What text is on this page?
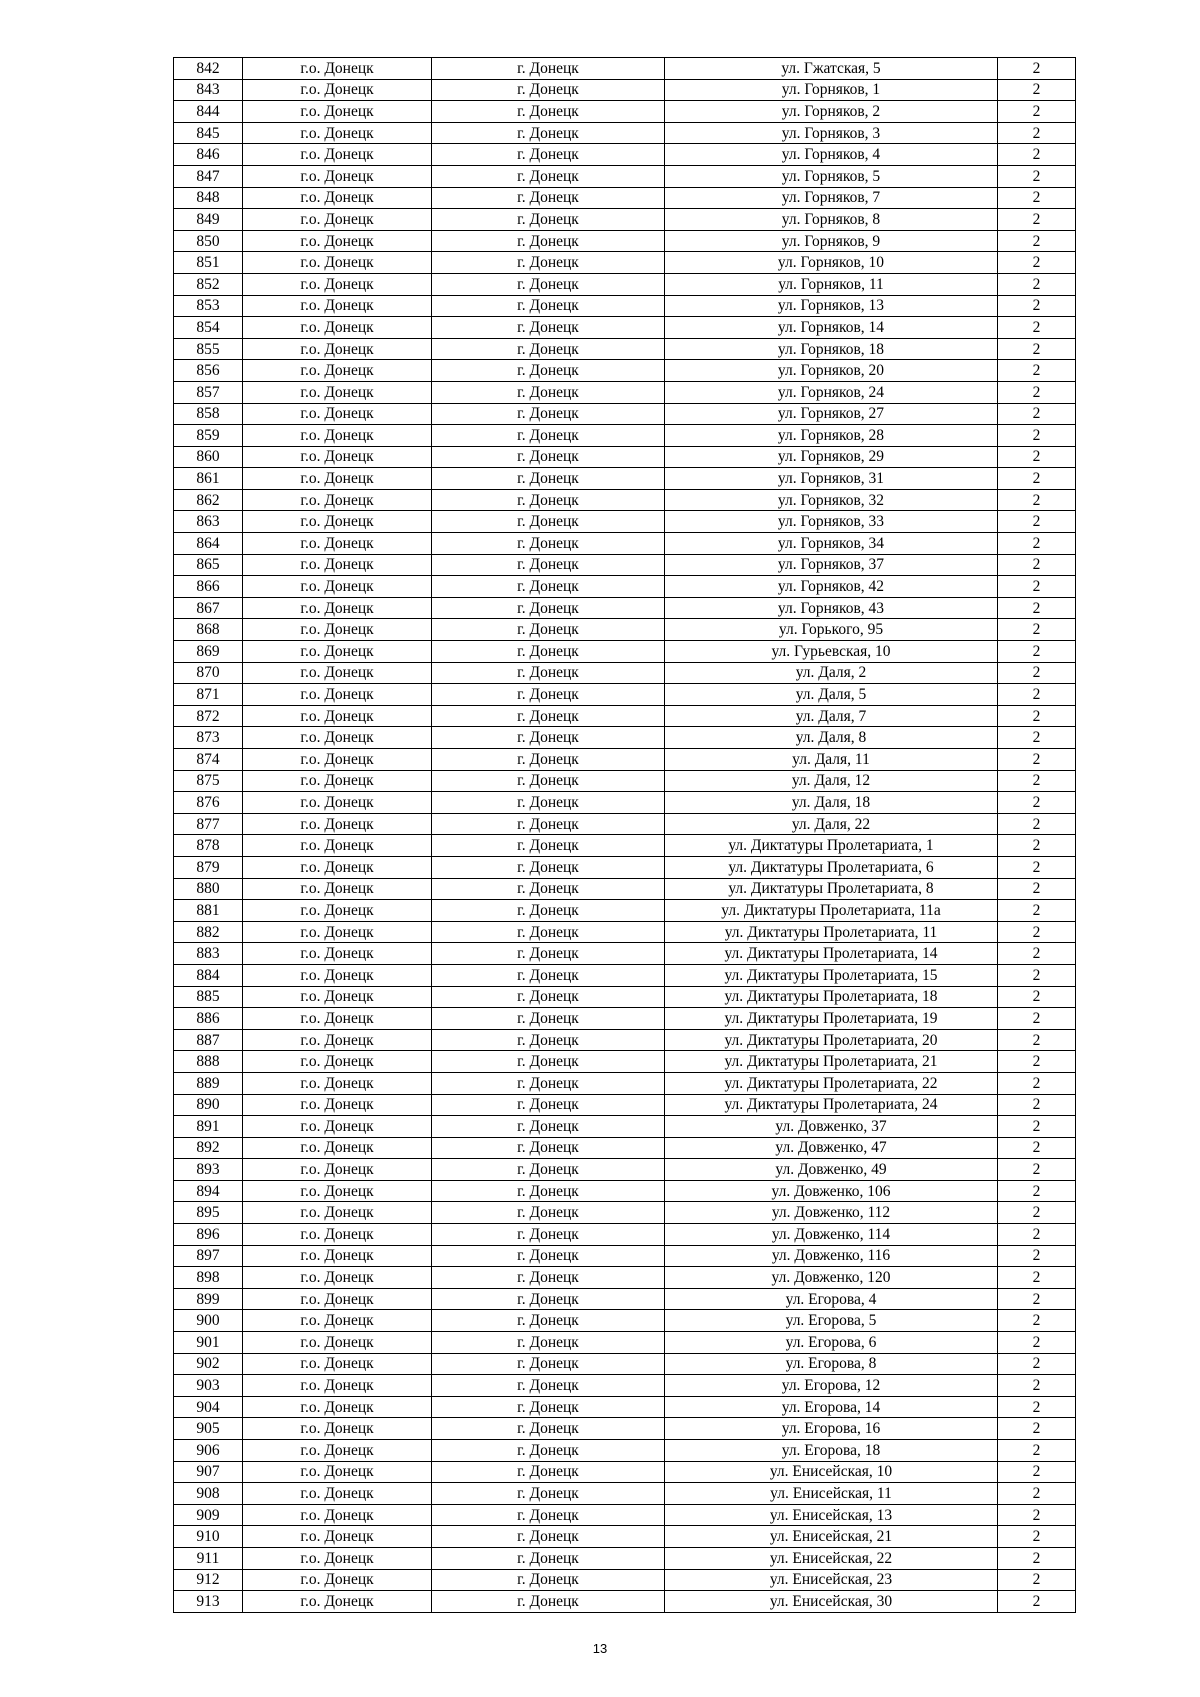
842	г.о. Донецк	г. Донецк	ул. Гжатская, 5	2
843	г.о. Донецк	г. Донецк	ул. Горняков, 1	2
844	г.о. Донецк	г. Донецк	ул. Горняков, 2	2
845	г.о. Донецк	г. Донецк	ул. Горняков, 3	2
846	г.о. Донецк	г. Донецк	ул. Горняков, 4	2
847	г.о. Донецк	г. Донецк	ул. Горняков, 5	2
848	г.о. Донецк	г. Донецк	ул. Горняков, 7	2
849	г.о. Донецк	г. Донецк	ул. Горняков, 8	2
850	г.о. Донецк	г. Донецк	ул. Горняков, 9	2
851	г.о. Донецк	г. Донецк	ул. Горняков, 10	2
852	г.о. Донецк	г. Донецк	ул. Горняков, 11	2
853	г.о. Донецк	г. Донецк	ул. Горняков, 13	2
854	г.о. Донецк	г. Донецк	ул. Горняков, 14	2
855	г.о. Донецк	г. Донецк	ул. Горняков, 18	2
856	г.о. Донецк	г. Донецк	ул. Горняков, 20	2
857	г.о. Донецк	г. Донецк	ул. Горняков, 24	2
858	г.о. Донецк	г. Донецк	ул. Горняков, 27	2
859	г.о. Донецк	г. Донецк	ул. Горняков, 28	2
860	г.о. Донецк	г. Донецк	ул. Горняков, 29	2
861	г.о. Донецк	г. Донецк	ул. Горняков, 31	2
862	г.о. Донецк	г. Донецк	ул. Горняков, 32	2
863	г.о. Донецк	г. Донецк	ул. Горняков, 33	2
864	г.о. Донецк	г. Донецк	ул. Горняков, 34	2
865	г.о. Донецк	г. Донецк	ул. Горняков, 37	2
866	г.о. Донецк	г. Донецк	ул. Горняков, 42	2
867	г.о. Донецк	г. Донецк	ул. Горняков, 43	2
868	г.о. Донецк	г. Донецк	ул. Горького, 95	2
869	г.о. Донецк	г. Донецк	ул. Гурьевская, 10	2
870	г.о. Донецк	г. Донецк	ул. Даля, 2	2
871	г.о. Донецк	г. Донецк	ул. Даля, 5	2
872	г.о. Донецк	г. Донецк	ул. Даля, 7	2
873	г.о. Донецк	г. Донецк	ул. Даля, 8	2
874	г.о. Донецк	г. Донецк	ул. Даля, 11	2
875	г.о. Донецк	г. Донецк	ул. Даля, 12	2
876	г.о. Донецк	г. Донецк	ул. Даля, 18	2
877	г.о. Донецк	г. Донецк	ул. Даля, 22	2
878	г.о. Донецк	г. Донецк	ул. Диктатуры Пролетариата, 1	2
879	г.о. Донецк	г. Донецк	ул. Диктатуры Пролетариата, 6	2
880	г.о. Донецк	г. Донецк	ул. Диктатуры Пролетариата, 8	2
881	г.о. Донецк	г. Донецк	ул. Диктатуры Пролетариата, 11а	2
882	г.о. Донецк	г. Донецк	ул. Диктатуры Пролетариата, 11	2
883	г.о. Донецк	г. Донецк	ул. Диктатуры Пролетариата, 14	2
884	г.о. Донецк	г. Донецк	ул. Диктатуры Пролетариата, 15	2
885	г.о. Донецк	г. Донецк	ул. Диктатуры Пролетариата, 18	2
886	г.о. Донецк	г. Донецк	ул. Диктатуры Пролетариата, 19	2
887	г.о. Донецк	г. Донецк	ул. Диктатуры Пролетариата, 20	2
888	г.о. Донецк	г. Донецк	ул. Диктатуры Пролетариата, 21	2
889	г.о. Донецк	г. Донецк	ул. Диктатуры Пролетариата, 22	2
890	г.о. Донецк	г. Донецк	ул. Диктатуры Пролетариата, 24	2
891	г.о. Донецк	г. Донецк	ул. Довженко, 37	2
892	г.о. Донецк	г. Донецк	ул. Довженко, 47	2
893	г.о. Донецк	г. Донецк	ул. Довженко, 49	2
894	г.о. Донецк	г. Донецк	ул. Довженко, 106	2
895	г.о. Донецк	г. Донецк	ул. Довженко, 112	2
896	г.о. Донецк	г. Донецк	ул. Довженко, 114	2
897	г.о. Донецк	г. Донецк	ул. Довженко, 116	2
898	г.о. Донецк	г. Донецк	ул. Довженко, 120	2
899	г.о. Донецк	г. Донецк	ул. Егорова, 4	2
900	г.о. Донецк	г. Донецк	ул. Егорова, 5	2
901	г.о. Донецк	г. Донецк	ул. Егорова, 6	2
902	г.о. Донецк	г. Донецк	ул. Егорова, 8	2
903	г.о. Донецк	г. Донецк	ул. Егорова, 12	2
904	г.о. Донецк	г. Донецк	ул. Егорова, 14	2
905	г.о. Донецк	г. Донецк	ул. Егорова, 16	2
906	г.о. Донецк	г. Донецк	ул. Егорова, 18	2
907	г.о. Донецк	г. Донецк	ул. Енисейская, 10	2
908	г.о. Донецк	г. Донецк	ул. Енисейская, 11	2
909	г.о. Донецк	г. Донецк	ул. Енисейская, 13	2
910	г.о. Донецк	г. Донецк	ул. Енисейская, 21	2
911	г.о. Донецк	г. Донецк	ул. Енисейская, 22	2
912	г.о. Донецк	г. Донецк	ул. Енисейская, 23	2
913	г.о. Донецк	г. Донецк	ул. Енисейская, 30	2
13
